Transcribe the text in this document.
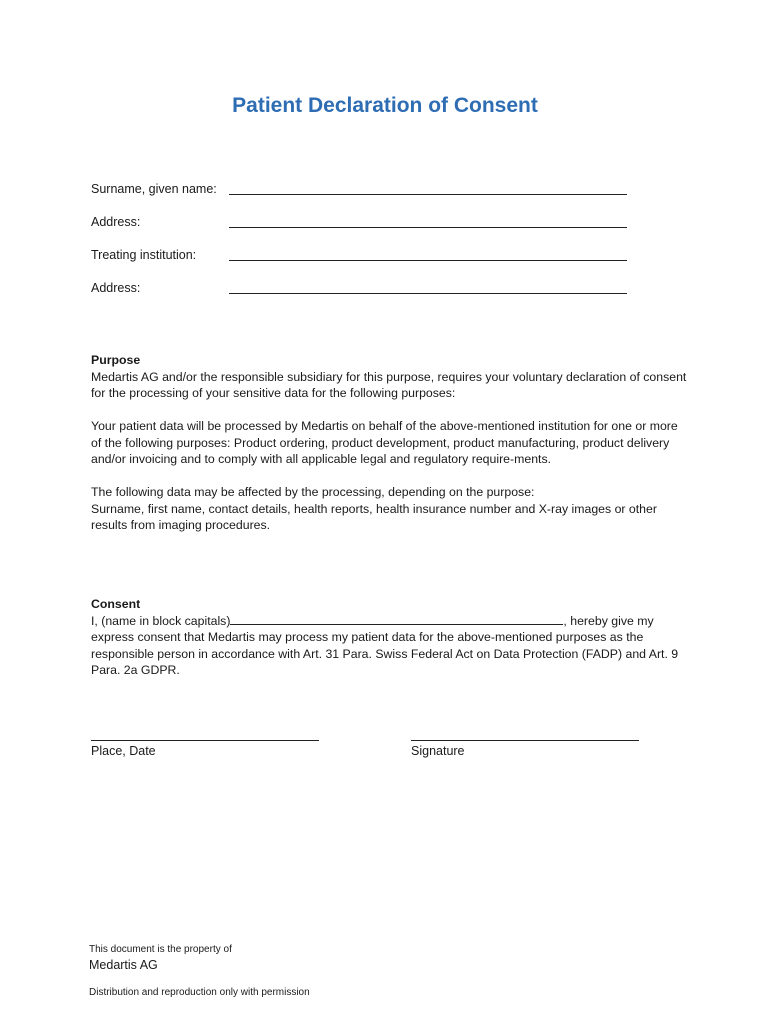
Patient Declaration of Consent
Surname, given name:
Address:
Treating institution:
Address:

Purpose

Medartis AG and/or the responsible subsidiary for this purpose, requires your voluntary declaration of consent for the processing of your sensitive data for the following purposes:

Your patient data will be processed by Medartis on behalf of the above-mentioned institution for one or more of the following purposes: Product ordering, product development, product manufacturing, product delivery and/or invoicing and to comply with all applicable legal and regulatory require-ments.

The following data may be affected by the processing, depending on the purpose:

Surname, first name, contact details, health reports, health insurance number and X-ray images or other results from imaging procedures.

Consent

I, (name in block capitals)	, hereby give my express consent that Medartis may process my patient data for the above-mentioned purposes as the responsible person in accordance with Art. 31 Para. Swiss Federal Act on Data Protection (FADP) and Art. 9 Para. 2a GDPR.

Place, Date	Signature
This document is the property of
Medartis AG
Distribution and reproduction only with permission
